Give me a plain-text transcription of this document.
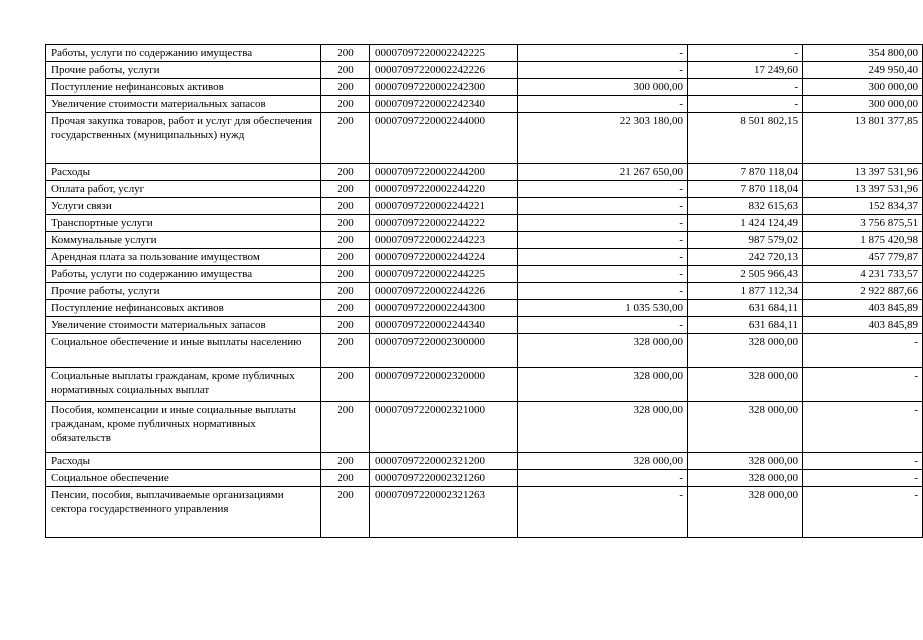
Работы, услуги по содержанию имущества	200	00007097220002242225	-	-	354 800,00
Прочие работы, услуги	200	00007097220002242226	-	17 249,60	249 950,40
Поступление нефинансовых активов	200	00007097220002242300	300 000,00	-	300 000,00
Увеличение стоимости материальных запасов	200	00007097220002242340	-	-	300 000,00
Прочая закупка товаров, работ и услуг для обеспечения государственных (муниципальных) нужд	200	00007097220002244000	22 303 180,00	8 501 802,15	13 801 377,85
Расходы	200	00007097220002244200	21 267 650,00	7 870 118,04	13 397 531,96
Оплата работ, услуг	200	00007097220002244220	-	7 870 118,04	13 397 531,96
Услуги связи	200	00007097220002244221	-	832 615,63	152 834,37
Транспортные услуги	200	00007097220002244222	-	1 424 124,49	3 756 875,51
Коммунальные услуги	200	00007097220002244223	-	987 579,02	1 875 420,98
Арендная плата за пользование имуществом	200	00007097220002244224	-	242 720,13	457 779,87
Работы, услуги по содержанию имущества	200	00007097220002244225	-	2 505 966,43	4 231 733,57
Прочие работы, услуги	200	00007097220002244226	-	1 877 112,34	2 922 887,66
Поступление нефинансовых активов	200	00007097220002244300	1 035 530,00	631 684,11	403 845,89
Увеличение стоимости материальных запасов	200	00007097220002244340	-	631 684,11	403 845,89
Социальное обеспечение и иные выплаты населению	200	00007097220002300000	328 000,00	328 000,00	-
Социальные выплаты гражданам, кроме публичных нормативных социальных выплат	200	00007097220002320000	328 000,00	328 000,00	-
Пособия, компенсации и иные социальные выплаты гражданам, кроме публичных нормативных обязательств	200	00007097220002321000	328 000,00	328 000,00	-
Расходы	200	00007097220002321200	328 000,00	328 000,00	-
Социальное обеспечение	200	00007097220002321260	-	328 000,00	-
Пенсии, пособия, выплачиваемые организациями сектора государственного управления	200	00007097220002321263	-	328 000,00	-
